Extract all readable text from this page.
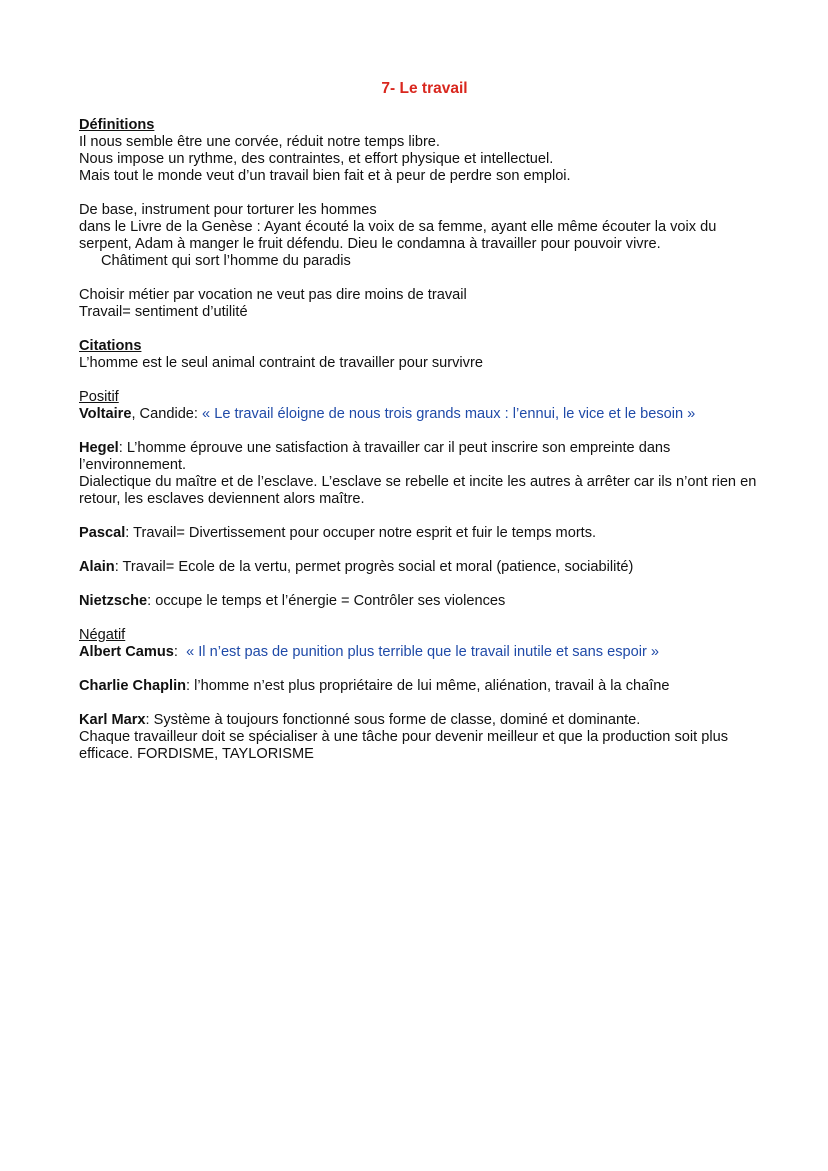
7- Le travail
Définitions
Il nous semble être une corvée, réduit notre temps libre.
Nous impose un rythme, des contraintes, et effort physique et intellectuel.
Mais tout le monde veut d’un travail bien fait et à peur de perdre son emploi.
De base, instrument pour torturer les hommes
dans le Livre de la Genèse : Ayant écouté la voix de sa femme, ayant elle même écouter la voix du serpent, Adam à manger le fruit défendu. Dieu le condamna à travailler pour pouvoir vivre.
Châtiment qui sort l’homme du paradis
Choisir métier par vocation ne veut pas dire moins de travail
Travail= sentiment d’utilité
Citations
L’homme est le seul animal contraint de travailler pour survivre
Positif
Voltaire, Candide: « Le travail éloigne de nous trois grands maux : l’ennui, le vice et le besoin »
Hegel: L’homme éprouve une satisfaction à travailler car il peut inscrire son empreinte dans l’environnement.
Dialectique du maître et de l’esclave. L’esclave se rebelle et incite les autres à arrêter car ils n’ont rien en retour, les esclaves deviennent alors maître.
Pascal: Travail= Divertissement pour occuper notre esprit et fuir le temps morts.
Alain: Travail= Ecole de la vertu, permet progrès social et moral (patience, sociabilité)
Nietzsche: occupe le temps et l’énergie = Contrôler ses violences
Négatif
Albert Camus:  « Il n’est pas de punition plus terrible que le travail inutile et sans espoir »
Charlie Chaplin: l’homme n’est plus propriétaire de lui même, aliénation, travail à la chaîne
Karl Marx: Système à toujours fonctionné sous forme de classe, dominé et dominante.
Chaque travailleur doit se spécialiser à une tâche pour devenir meilleur et que la production soit plus efficace. FORDISME, TAYLORISME
